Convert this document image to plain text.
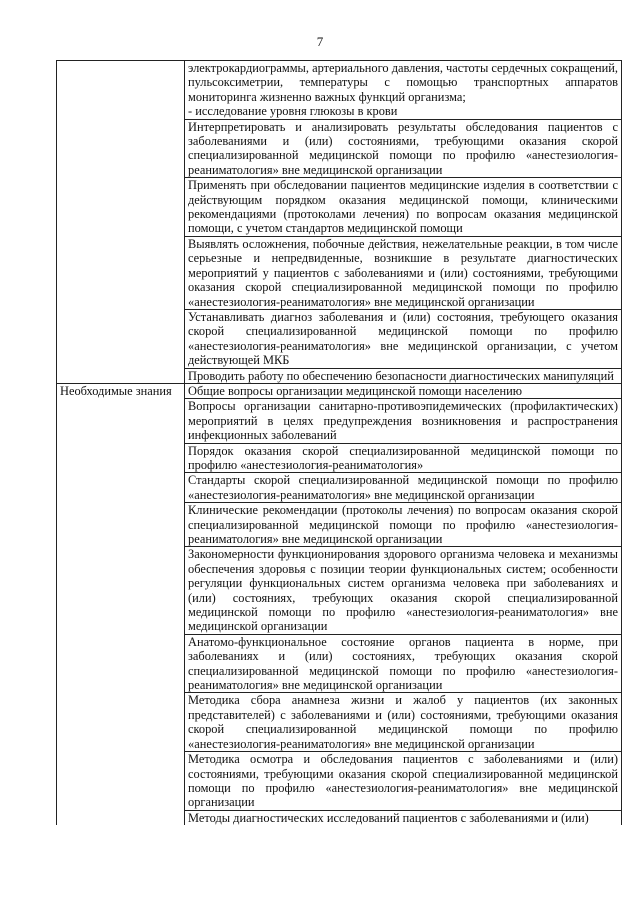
7
	электрокардиограммы, артериального давления, частоты сердечных сокращений, пульсоксиметрии, температуры с помощью транспортных аппаратов мониторинга жизненно важных функций организма;
- исследование уровня глюкозы в крови
	Интерпретировать и анализировать результаты обследования пациентов с заболеваниями и (или) состояниями, требующими оказания скорой специализированной медицинской помощи по профилю «анестезиология-реаниматология» вне медицинской организации
	Применять при обследовании пациентов медицинские изделия в соответствии с действующим порядком оказания медицинской помощи, клиническими рекомендациями (протоколами лечения) по вопросам оказания медицинской помощи, с учетом стандартов медицинской помощи
	Выявлять осложнения, побочные действия, нежелательные реакции, в том числе серьезные и непредвиденные, возникшие в результате диагностических мероприятий у пациентов с заболеваниями и (или) состояниями, требующими оказания скорой специализированной медицинской помощи по профилю «анестезиология-реаниматология» вне медицинской организации
	Устанавливать диагноз заболевания и (или) состояния, требующего оказания скорой специализированной медицинской помощи по профилю «анестезиология-реаниматология» вне медицинской организации, с учетом действующей МКБ
	Проводить работу по обеспечению безопасности диагностических манипуляций
Необходимые знания	Общие вопросы организации медицинской помощи населению
	Вопросы организации санитарно-противоэпидемических (профилактических) мероприятий в целях предупреждения возникновения и распространения инфекционных заболеваний
	Порядок оказания скорой специализированной медицинской помощи по профилю «анестезиология-реаниматология»
	Стандарты скорой специализированной медицинской помощи по профилю «анестезиология-реаниматология» вне медицинской организации
	Клинические рекомендации (протоколы лечения) по вопросам оказания скорой специализированной медицинской помощи по профилю «анестезиология-реаниматология» вне медицинской организации
	Закономерности функционирования здорового организма человека и механизмы обеспечения здоровья с позиции теории функциональных систем; особенности регуляции функциональных систем организма человека при заболеваниях и (или) состояниях, требующих оказания скорой специализированной медицинской помощи по профилю «анестезиология-реаниматология» вне медицинской организации
	Анатомо-функциональное состояние органов пациента в норме, при заболеваниях и (или) состояниях, требующих оказания скорой специализированной медицинской помощи по профилю «анестезиология-реаниматология» вне медицинской организации
	Методика сбора анамнеза жизни и жалоб у пациентов (их законных представителей) с заболеваниями и (или) состояниями, требующими оказания скорой специализированной медицинской помощи по профилю «анестезиология-реаниматология» вне медицинской организации
	Методика осмотра и обследования пациентов с заболеваниями и (или) состояниями, требующими оказания скорой специализированной медицинской помощи по профилю «анестезиология-реаниматология» вне медицинской организации
	Методы диагностических исследований пациентов с заболеваниями и (или)
